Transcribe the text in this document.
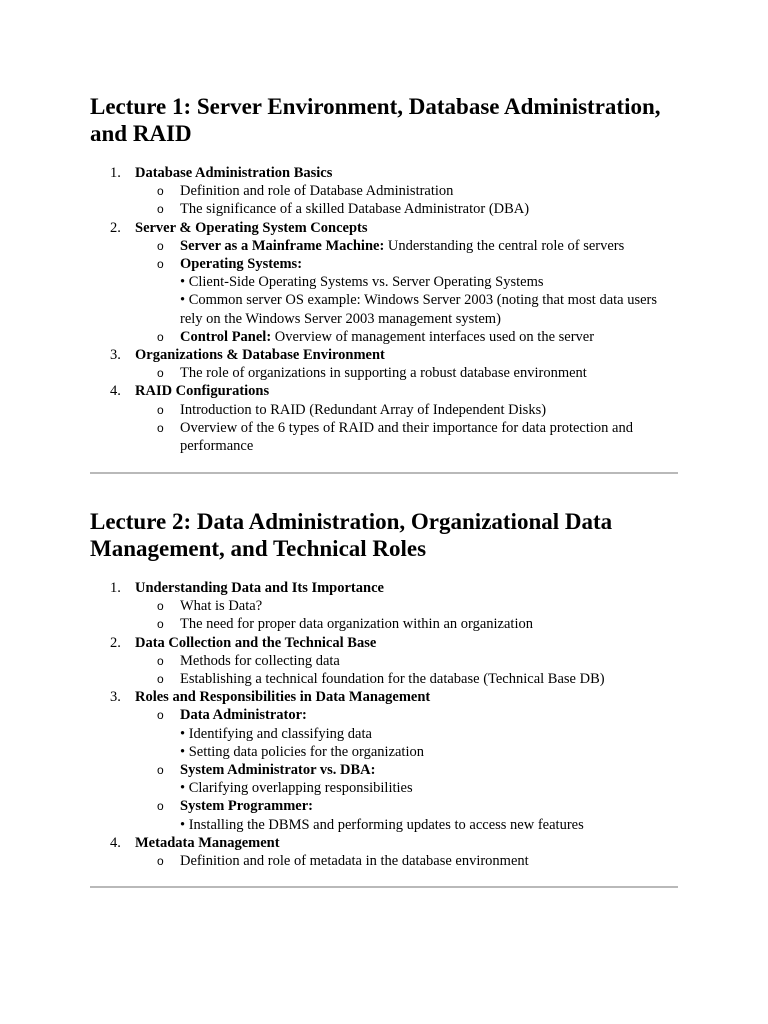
Lecture 1: Server Environment, Database Administration, and RAID
1. Database Administration Basics
o Definition and role of Database Administration
o The significance of a skilled Database Administrator (DBA)
2. Server & Operating System Concepts
o Server as a Mainframe Machine: Understanding the central role of servers
o Operating Systems:
• Client-Side Operating Systems vs. Server Operating Systems
• Common server OS example: Windows Server 2003 (noting that most data users rely on the Windows Server 2003 management system)
o Control Panel: Overview of management interfaces used on the server
3. Organizations & Database Environment
o The role of organizations in supporting a robust database environment
4. RAID Configurations
o Introduction to RAID (Redundant Array of Independent Disks)
o Overview of the 6 types of RAID and their importance for data protection and performance
Lecture 2: Data Administration, Organizational Data Management, and Technical Roles
1. Understanding Data and Its Importance
o What is Data?
o The need for proper data organization within an organization
2. Data Collection and the Technical Base
o Methods for collecting data
o Establishing a technical foundation for the database (Technical Base DB)
3. Roles and Responsibilities in Data Management
o Data Administrator:
• Identifying and classifying data
• Setting data policies for the organization
o System Administrator vs. DBA:
• Clarifying overlapping responsibilities
o System Programmer:
• Installing the DBMS and performing updates to access new features
4. Metadata Management
o Definition and role of metadata in the database environment
